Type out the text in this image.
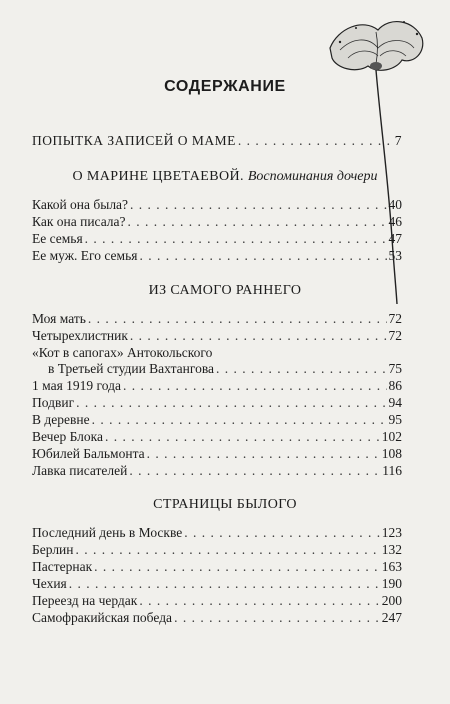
СОДЕРЖАНИЕ
ПОПЫТКА ЗАПИСЕЙ О МАМЕ . . .	7
О МАРИНЕ ЦВЕТАЕВОЙ. Воспоминания дочери
Какой она была? . . .	40
Как она писала? . . .	46
Ее семья . . .	47
Ее муж. Его семья . . .	53
ИЗ САМОГО РАННЕГО
Моя мать . . .	72
Четырехлистник . . .	72
«Кот в сапогах» Антокольского
в Третьей студии Вахтангова . . .	75
1 мая 1919 года . . .	86
Подвиг . . .	94
В деревне . . .	95
Вечер Блока . . .	102
Юбилей Бальмонта . . .	108
Лавка писателей . . .	116
СТРАНИЦЫ БЫЛОГО
Последний день в Москве . . .	123
Берлин . . .	132
Пастернак . . .	163
Чехия . . .	190
Переезд на чердак . . .	200
Самофракийская победа . . .	247
